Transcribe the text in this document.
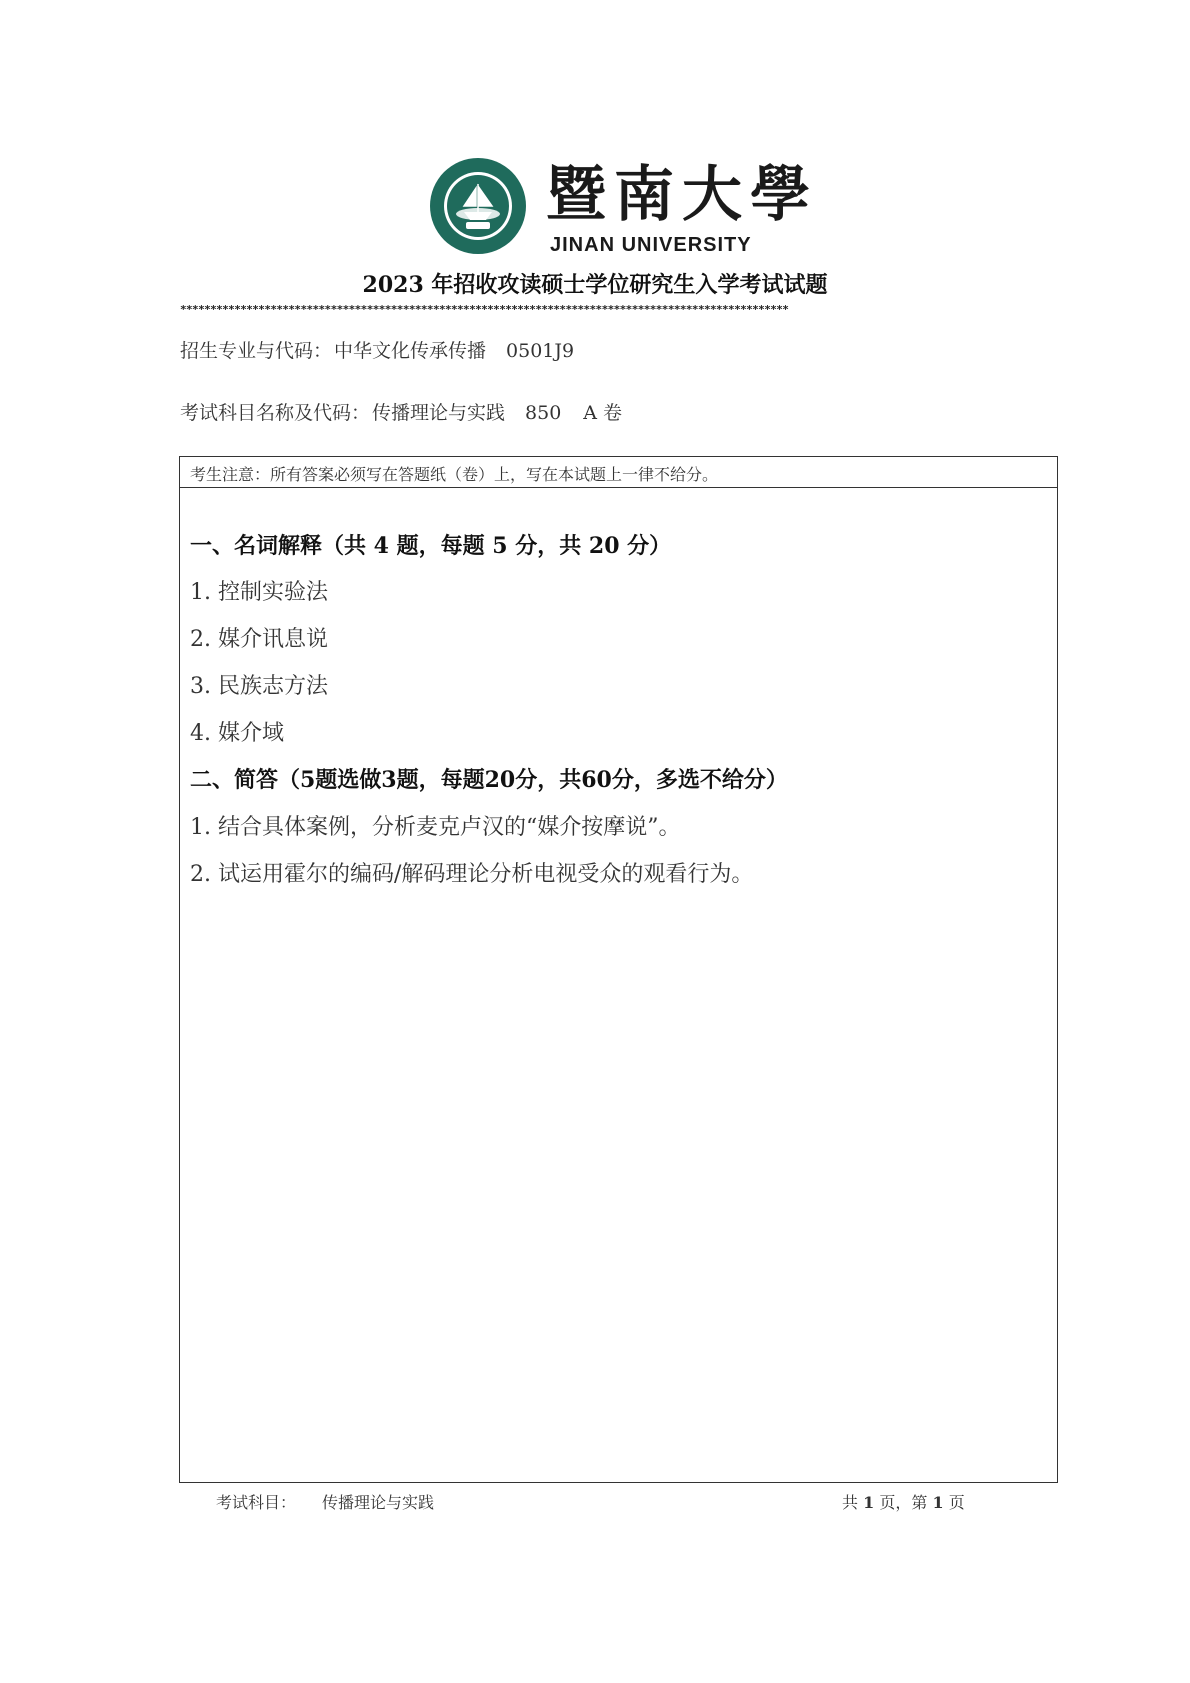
暨南大學
JINAN UNIVERSITY
2023 年招收攻读硕士学位研究生入学考试试题
*****************************************************************************************************
招生专业与代码： 中华文化传承传播 0501J9
考试科目名称及代码： 传播理论与实践 850 A 卷
考生注意：所有答案必须写在答题纸（卷）上，写在本试题上一律不给分。
一、名词解释（共 4 题，每题 5 分，共 20 分）
1. 控制实验法
2. 媒介讯息说
3. 民族志方法
4. 媒介域
二、简答（5题选做3题，每题20分，共60分，多选不给分）
1. 结合具体案例，分析麦克卢汉的“媒介按摩说”。
2. 试运用霍尔的编码/解码理论分析电视受众的观看行为。
考试科目： 传播理论与实践	共 1 页，第 1 页
